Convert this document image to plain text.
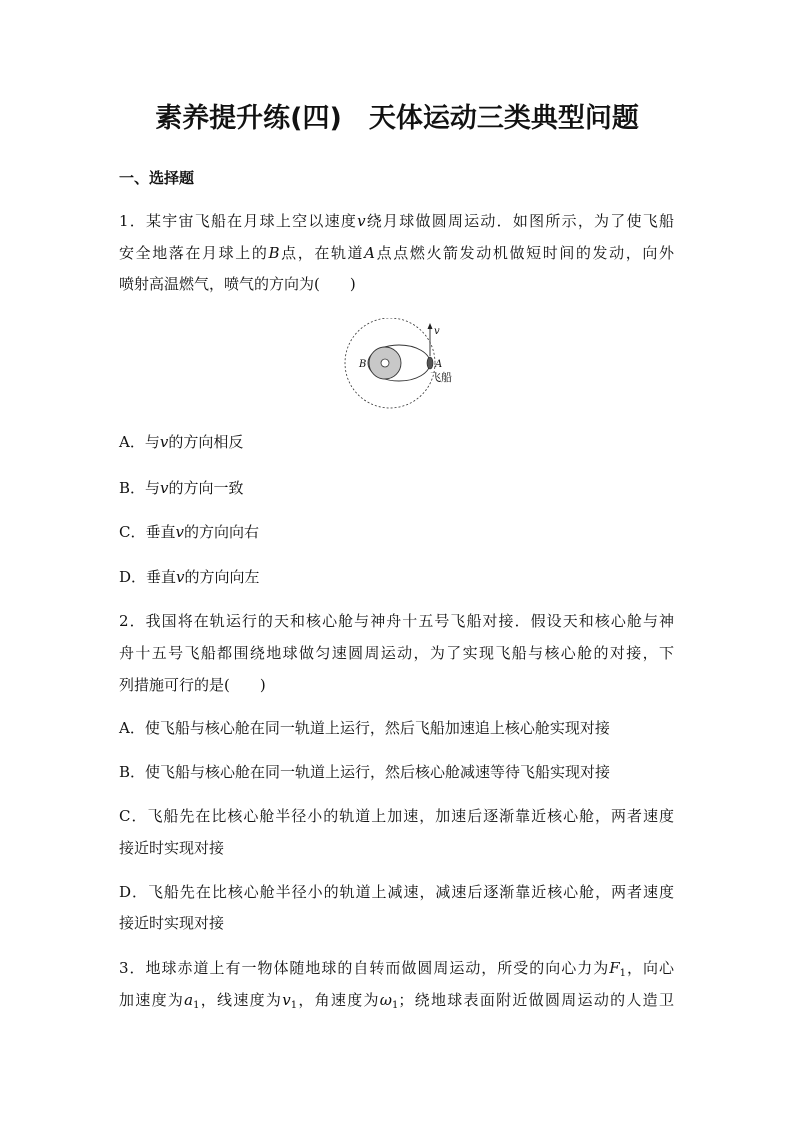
素养提升练(四)　天体运动三类典型问题
一、选择题
1．某宇宙飞船在月球上空以速度v绕月球做圆周运动．如图所示，为了使飞船
安全地落在月球上的B点，在轨道A点点燃火箭发动机做短时间的发动，向外
喷射高温燃气，喷气的方向为(　　)
v
B	A
飞船
A．与v的方向相反
B．与v的方向一致
C．垂直v的方向向右
D．垂直v的方向向左
2．我国将在轨运行的天和核心舱与神舟十五号飞船对接．假设天和核心舱与神
舟十五号飞船都围绕地球做匀速圆周运动，为了实现飞船与核心舱的对接，下
列措施可行的是(　　)
A．使飞船与核心舱在同一轨道上运行，然后飞船加速追上核心舱实现对接
B．使飞船与核心舱在同一轨道上运行，然后核心舱减速等待飞船实现对接
C．飞船先在比核心舱半径小的轨道上加速，加速后逐渐靠近核心舱，两者速度
接近时实现对接
D．飞船先在比核心舱半径小的轨道上减速，减速后逐渐靠近核心舱，两者速度
接近时实现对接
3．地球赤道上有一物体随地球的自转而做圆周运动，所受的向心力为$F_1$，向心
加速度为$a_1$，线速度为$v_1$，角速度为$\omega_1$；绕地球表面附近做圆周运动的人造卫
